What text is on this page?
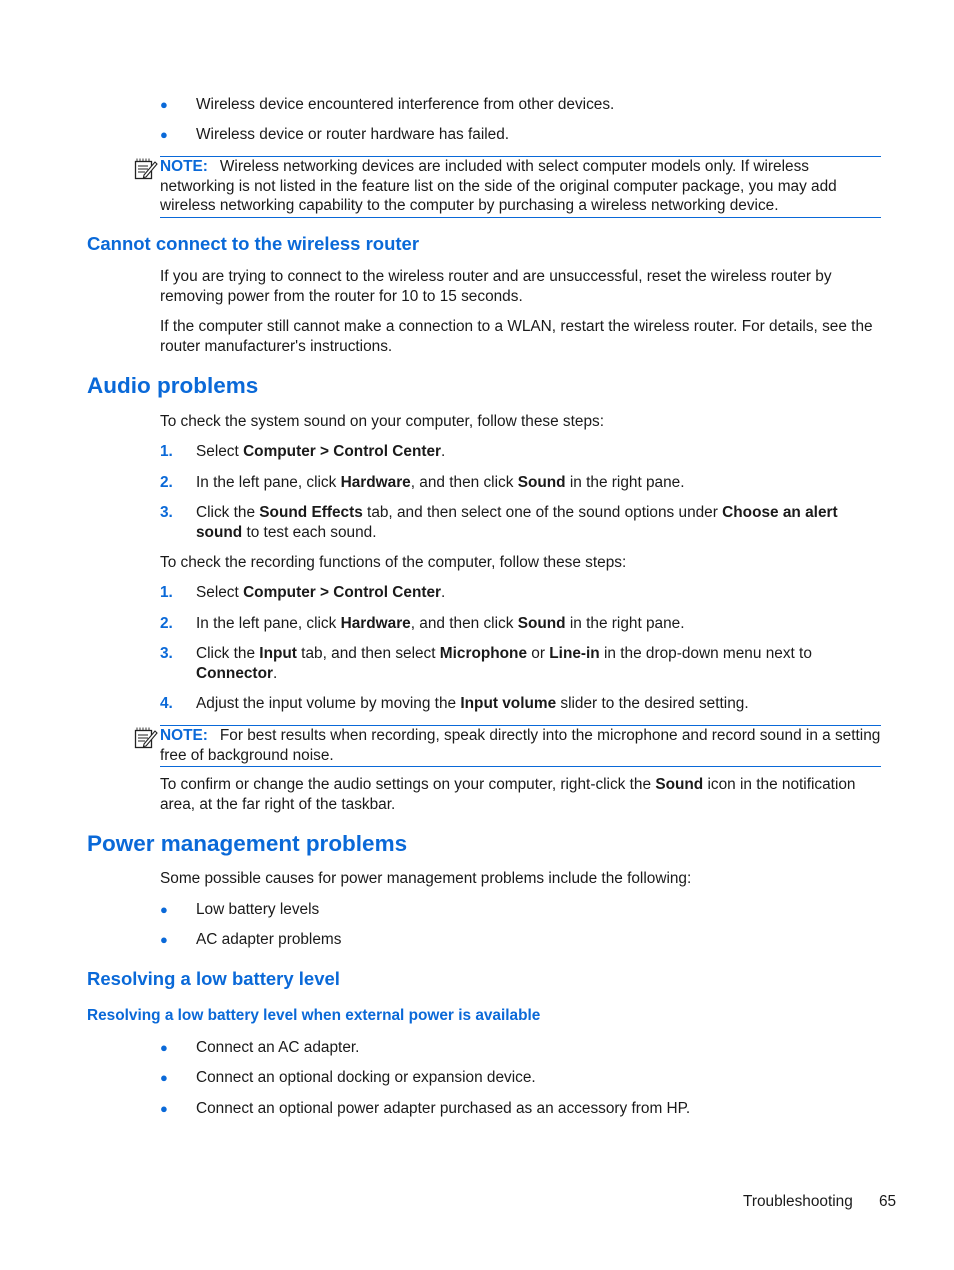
● Wireless device encountered interference from other devices.
● Wireless device or router hardware has failed.
NOTE: Wireless networking devices are included with select computer models only. If wireless networking is not listed in the feature list on the side of the original computer package, you may add wireless networking capability to the computer by purchasing a wireless networking device.
Cannot connect to the wireless router
If you are trying to connect to the wireless router and are unsuccessful, reset the wireless router by removing power from the router for 10 to 15 seconds.
If the computer still cannot make a connection to a WLAN, restart the wireless router. For details, see the router manufacturer's instructions.
Audio problems
To check the system sound on your computer, follow these steps:
1. Select Computer > Control Center.
2. In the left pane, click Hardware, and then click Sound in the right pane.
3. Click the Sound Effects tab, and then select one of the sound options under Choose an alert sound to test each sound.
To check the recording functions of the computer, follow these steps:
1. Select Computer > Control Center.
2. In the left pane, click Hardware, and then click Sound in the right pane.
3. Click the Input tab, and then select Microphone or Line-in in the drop-down menu next to Connector.
4. Adjust the input volume by moving the Input volume slider to the desired setting.
NOTE: For best results when recording, speak directly into the microphone and record sound in a setting free of background noise.
To confirm or change the audio settings on your computer, right-click the Sound icon in the notification area, at the far right of the taskbar.
Power management problems
Some possible causes for power management problems include the following:
● Low battery levels
● AC adapter problems
Resolving a low battery level
Resolving a low battery level when external power is available
● Connect an AC adapter.
● Connect an optional docking or expansion device.
● Connect an optional power adapter purchased as an accessory from HP.
Troubleshooting 65
